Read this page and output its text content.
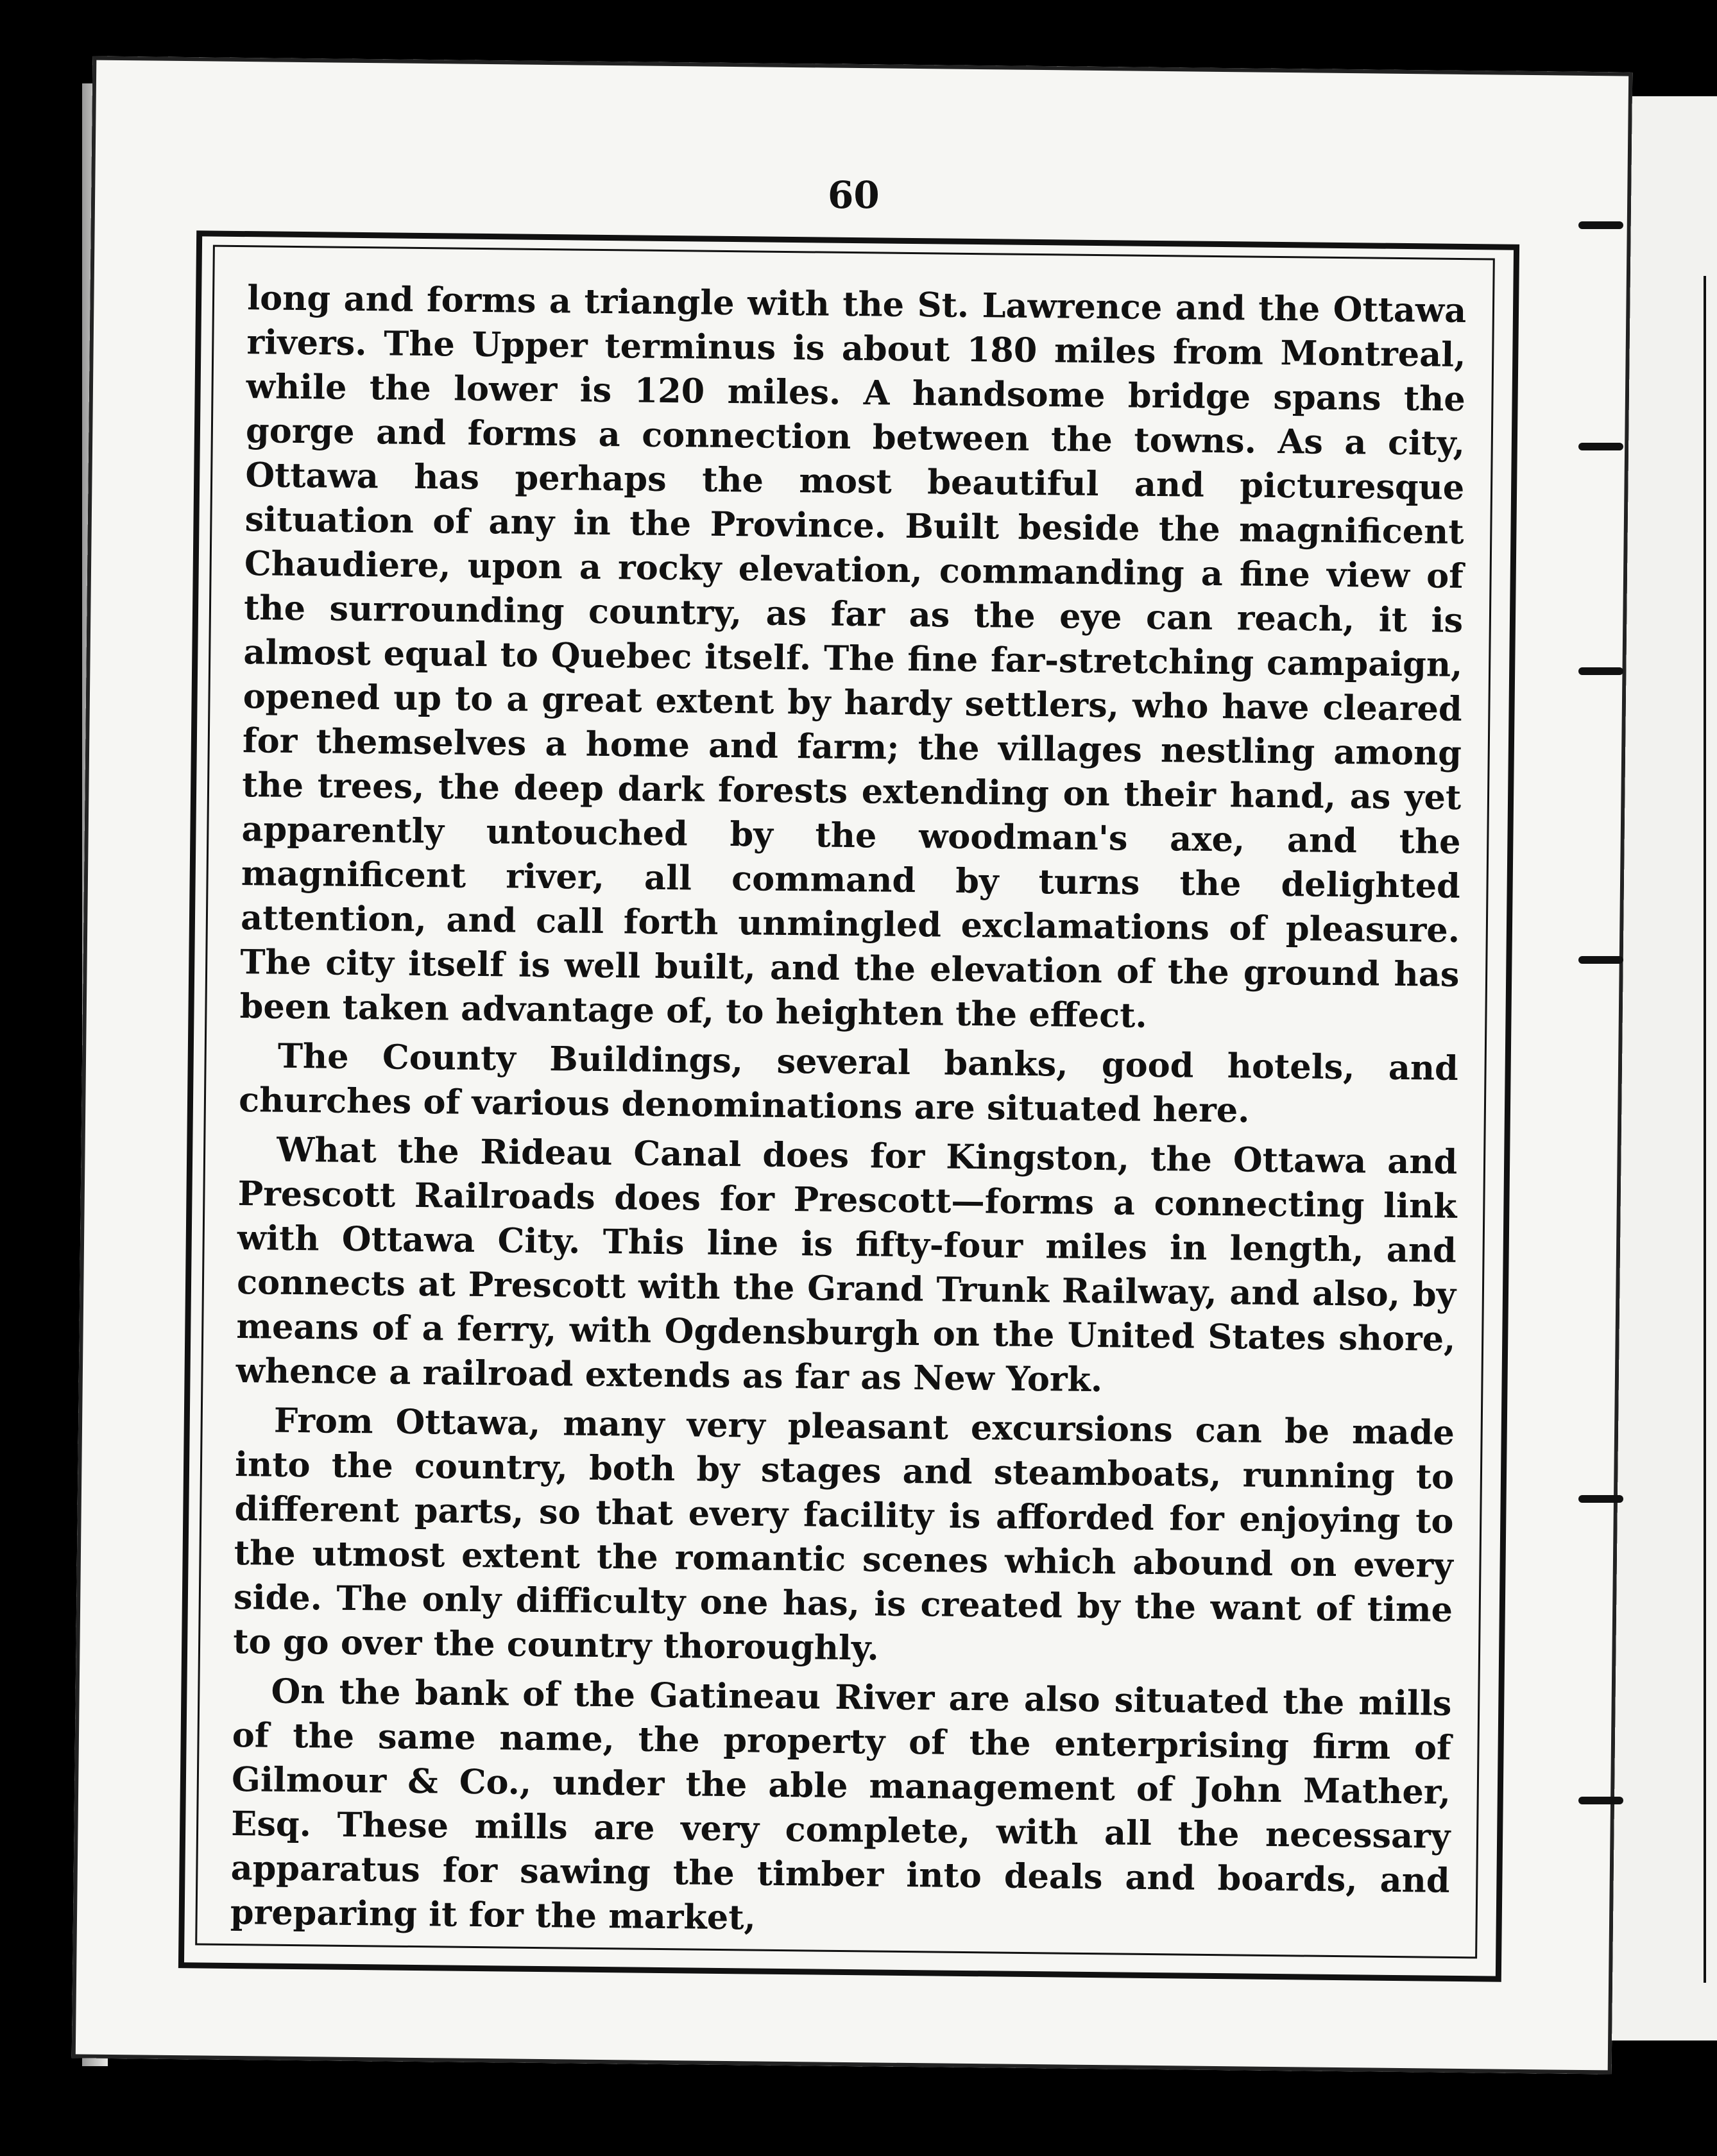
60

long and forms a triangle with the St. Lawrence and the Ottawa rivers. The Upper terminus is about 180 miles from Montreal, while the lower is 120 miles. A handsome bridge spans the gorge and forms a connection between the towns. As a city, Ottawa has perhaps the most beautiful and picturesque situation of any in the Province. Built beside the magnificent Chaudiere, upon a rocky elevation, commanding a fine view of the surrounding country, as far as the eye can reach, it is almost equal to Quebec itself. The fine far-stretching campaign, opened up to a great extent by hardy settlers, who have cleared for themselves a home and farm; the villages nestling among the trees, the deep dark forests extending on their hand, as yet apparently untouched by the woodman's axe, and the magnificent river, all command by turns the delighted attention, and call forth unmingled exclamations of pleasure. The city itself is well built, and the elevation of the ground has been taken advantage of, to heighten the effect.

The County Buildings, several banks, good hotels, and churches of various denominations are situated here.

What the Rideau Canal does for Kingston, the Ottawa and Prescott Railroads does for Prescott—forms a connecting link with Ottawa City. This line is fifty-four miles in length, and connects at Prescott with the Grand Trunk Railway, and also, by means of a ferry, with Ogdensburgh on the United States shore, whence a railroad extends as far as New York.

From Ottawa, many very pleasant excursions can be made into the country, both by stages and steamboats, running to different parts, so that every facility is afforded for enjoying to the utmost extent the romantic scenes which abound on every side. The only difficulty one has, is created by the want of time to go over the country thoroughly.

On the bank of the Gatineau River are also situated the mills of the same name, the property of the enterprising firm of Gilmour & Co., under the able management of John Mather, Esq. These mills are very complete, with all the necessary apparatus for sawing the timber into deals and boards, and preparing it for the market,
